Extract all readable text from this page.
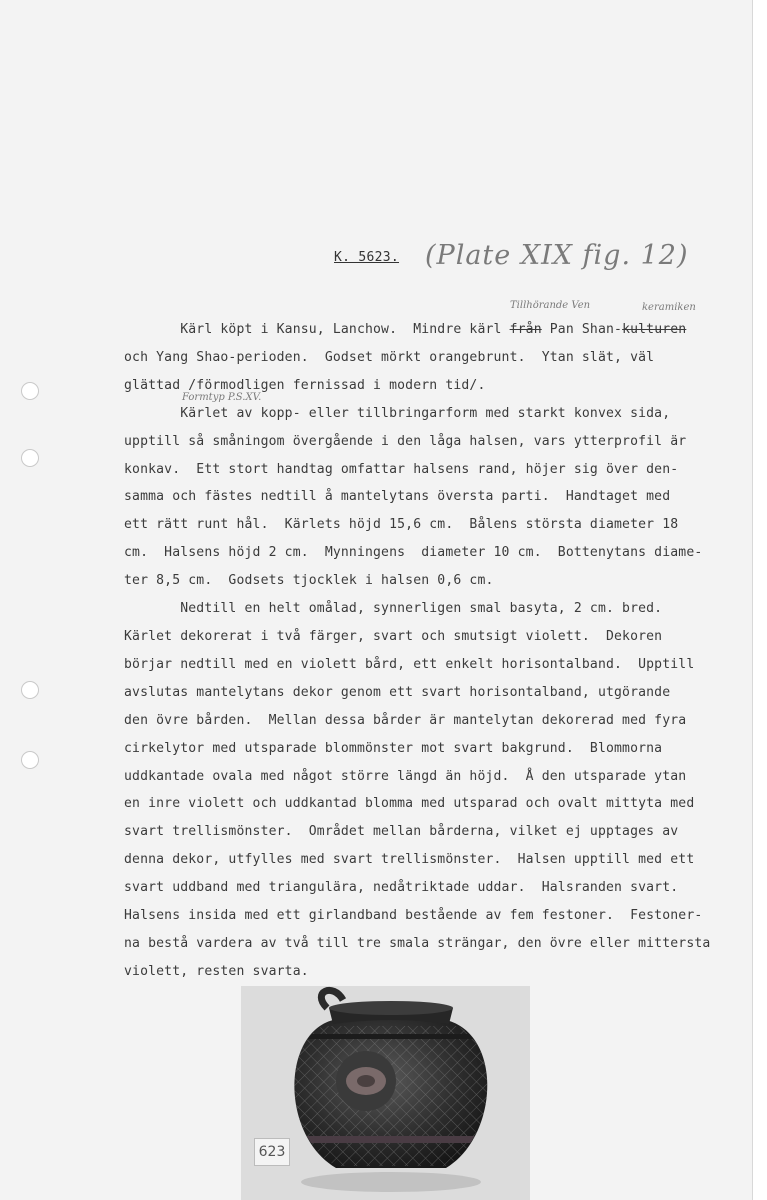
K. 5623. (Plate XIX fig. 12)
Tillhörande Ven	keramiken
Formtyp P.S.XV.

Kärl köpt i Kansu, Lanchow.  Mindre kärl från Pan Shan-kulturen

och Yang Shao-perioden.  Godset mörkt orangebrunt.  Ytan slät, väl

glättad /förmodligen fernissad i modern tid/.

Kärlet av kopp- eller tillbringarform med starkt konvex sida,

upptill så småningom övergående i den låga halsen, vars ytterprofil är

konkav.  Ett stort handtag omfattar halsens rand, höjer sig över den-

samma och fästes nedtill å mantelytans översta parti.  Handtaget med

ett rätt runt hål.  Kärlets höjd 15,6 cm.  Bålens största diameter 18

cm.  Halsens höjd 2 cm.  Mynningens  diameter 10 cm.  Bottenytans diame-

ter 8,5 cm.  Godsets tjocklek i halsen 0,6 cm.

Nedtill en helt omålad, synnerligen smal basyta, 2 cm. bred.

Kärlet dekorerat i två färger, svart och smutsigt violett.  Dekoren

börjar nedtill med en violett bård, ett enkelt horisontalband.  Upptill

avslutas mantelytans dekor genom ett svart horisontalband, utgörande

den övre bården.  Mellan dessa bårder är mantelytan dekorerad med fyra

cirkelytor med utsparade blommönster mot svart bakgrund.  Blommorna

uddkantade ovala med något större längd än höjd.  Å den utsparade ytan

en inre violett och uddkantad blomma med utsparad och ovalt mittyta med

svart trellismönster.  Området mellan bårderna, vilket ej upptages av

denna dekor, utfylles med svart trellismönster.  Halsen upptill med ett

svart uddband med triangulära, nedåtriktade uddar.  Halsranden svart.

Halsens insida med ett girlandband bestående av fem festoner.  Festoner-

na bestå vardera av två till tre smala strängar, den övre eller mittersta

violett, resten svarta.

623
